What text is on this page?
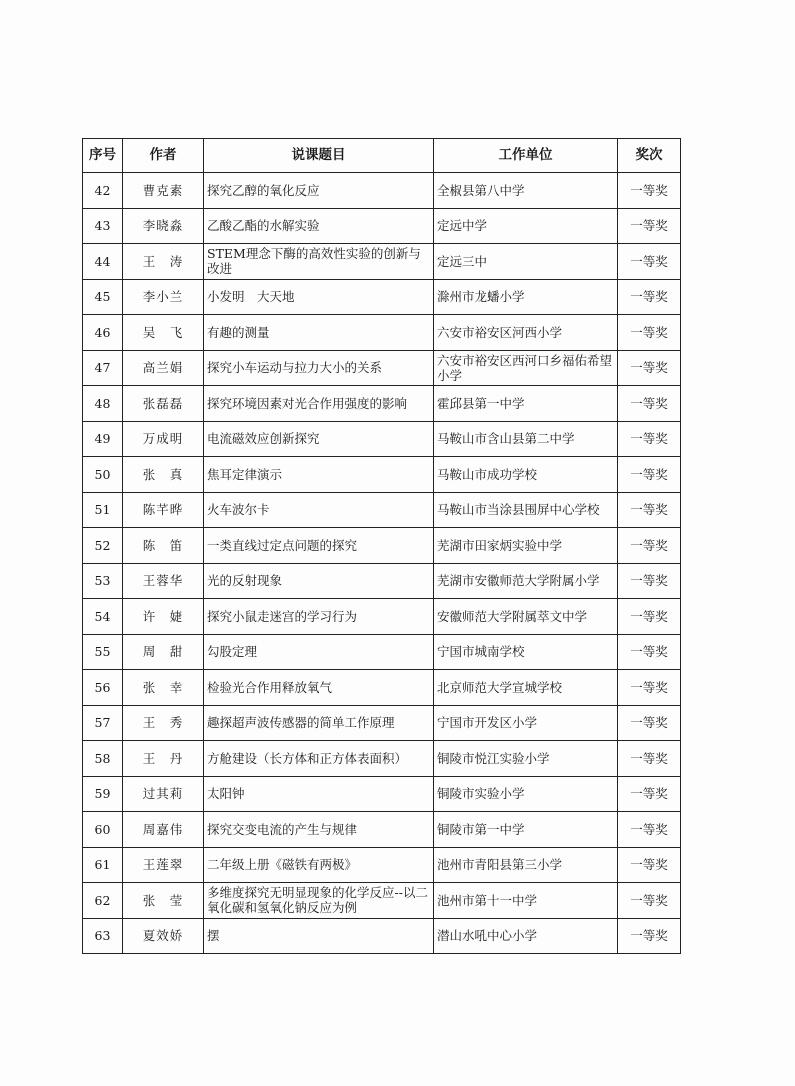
序号	作者	说课题目	工作单位	奖次
42	曹克素	探究乙醇的氧化反应	全椒县第八中学	一等奖
43	李晓淼	乙酸乙酯的水解实验	定远中学	一等奖
44	王　涛	STEM理念下酶的高效性实验的创新与改进	定远三中	一等奖
45	李小兰	小发明　大天地	滁州市龙蟠小学	一等奖
46	吴　飞	有趣的测量	六安市裕安区河西小学	一等奖
47	高兰娟	探究小车运动与拉力大小的关系	六安市裕安区西河口乡福佑希望小学	一等奖
48	张磊磊	探究环境因素对光合作用强度的影响	霍邱县第一中学	一等奖
49	万成明	电流磁效应创新探究	马鞍山市含山县第二中学	一等奖
50	张　真	焦耳定律演示	马鞍山市成功学校	一等奖
51	陈芊晔	火车波尔卡	马鞍山市当涂县围屏中心学校	一等奖
52	陈　笛	一类直线过定点问题的探究	芜湖市田家炳实验中学	一等奖
53	王蓉华	光的反射现象	芜湖市安徽师范大学附属小学	一等奖
54	许　婕	探究小鼠走迷宫的学习行为	安徽师范大学附属萃文中学	一等奖
55	周　甜	勾股定理	宁国市城南学校	一等奖
56	张　幸	检验光合作用释放氧气	北京师范大学宣城学校	一等奖
57	王　秀	趣探超声波传感器的简单工作原理	宁国市开发区小学	一等奖
58	王　丹	方舱建设（长方体和正方体表面积）	铜陵市悦江实验小学	一等奖
59	过其莉	太阳钟	铜陵市实验小学	一等奖
60	周嘉伟	探究交变电流的产生与规律	铜陵市第一中学	一等奖
61	王莲翠	二年级上册《磁铁有两极》	池州市青阳县第三小学	一等奖
62	张　莹	多维度探究无明显现象的化学反应--以二氧化碳和氢氧化钠反应为例	池州市第十一中学	一等奖
63	夏效娇	摆	潜山水吼中心小学	一等奖
